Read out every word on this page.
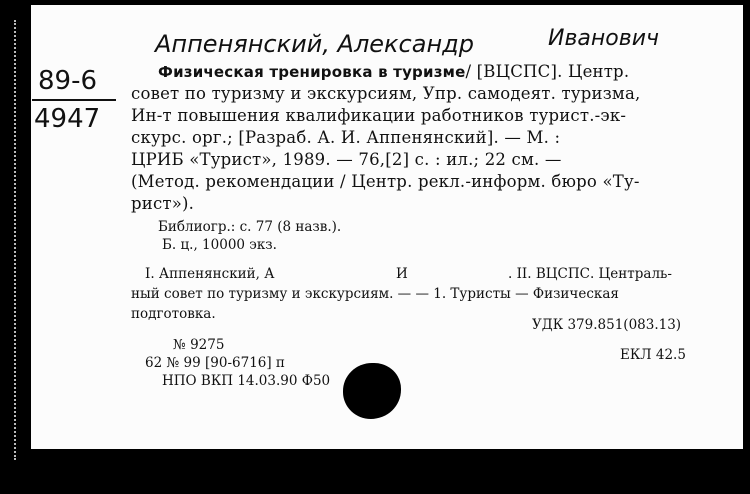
Аппенянский, Александр	Иванович
89-6
4947
Физическая тренировка в туризме/ [ВЦСПС]. Центр.
совет по туризму и экскурсиям, Упр. самодеят. туризма,
Ин-т повышения квалификации работников турист.-эк-
скурс. орг.; [Разраб. А. И. Аппенянский]. — М. :
ЦРИБ «Турист», 1989. — 76,[2] с. : ил.; 22 см. —
(Метод. рекомендации / Центр. рекл.-информ. бюро «Ту-
рист»).
Библиогр.: с. 77 (8 назв.).
Б. ц., 10000 экз.
I. Аппенянский, А	И	. II. ВЦСПС. Централь-
ный совет по туризму и экскурсиям. — — 1. Туристы — Физическая
подготовка.
УДК 379.851(083.13)
ЕКЛ 42.5
№ 9275
62 № 99 [90-6716] п
НПО ВКП 14.03.90 Ф50
